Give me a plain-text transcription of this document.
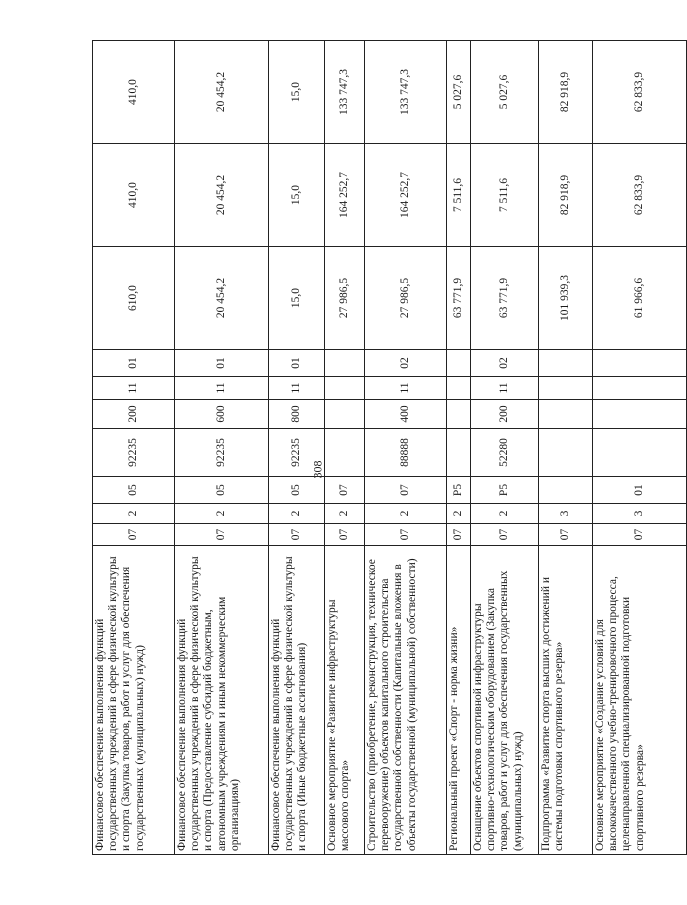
308
Финансовое обеспечение выполнения функций государственных учреждений в сфере физической культуры и спорта (Закупка товаров, работ и услуг для обеспечения государственных (муниципальных) нужд)	07	2	05	92235	200	11	01	610,0	410,0	410,0
Финансовое обеспечение выполнения функций государственных учреждений в сфере физической культуры и спорта (Предоставление субсидий бюджетным, автономным учреждениям и иным некоммерческим организациям)	07	2	05	92235	600	11	01	20 454,2	20 454,2	20 454,2
Финансовое обеспечение выполнения функций государственных учреждений в сфере физической культуры и спорта (Иные бюджетные ассигнования)	07	2	05	92235	800	11	01	15,0	15,0	15,0
Основное мероприятие «Развитие инфраструктуры массового спорта»	07	2	07					27 986,5	164 252,7	133 747,3
Строительство (приобретение, реконструкция, техническое перевооружение) объектов капитального строительства государственной собственности (Капитальные вложения в объекты государственной (муниципальной) собственности)	07	2	07	88888	400	11	02	27 986,5	164 252,7	133 747,3
Региональный проект «Спорт - норма жизни»	07	2	P5					63 771,9	7 511,6	5 027,6
Оснащение объектов спортивной инфраструктуры спортивно-технологическим оборудованием (Закупка товаров, работ и услуг для обеспечения государственных (муниципальных) нужд)	07	2	P5	52280	200	11	02	63 771,9	7 511,6	5 027,6
Подпрограмма «Развитие спорта высших достижений и системы подготовки спортивного резерва»	07	3						101 939,3	82 918,9	82 918,9
Основное мероприятие «Создание условий для высококачественного учебно-тренировочного процесса, целенаправленной специализированной подготовки спортивного резерва»	07	3	01					61 966,6	62 833,9	62 833,9
